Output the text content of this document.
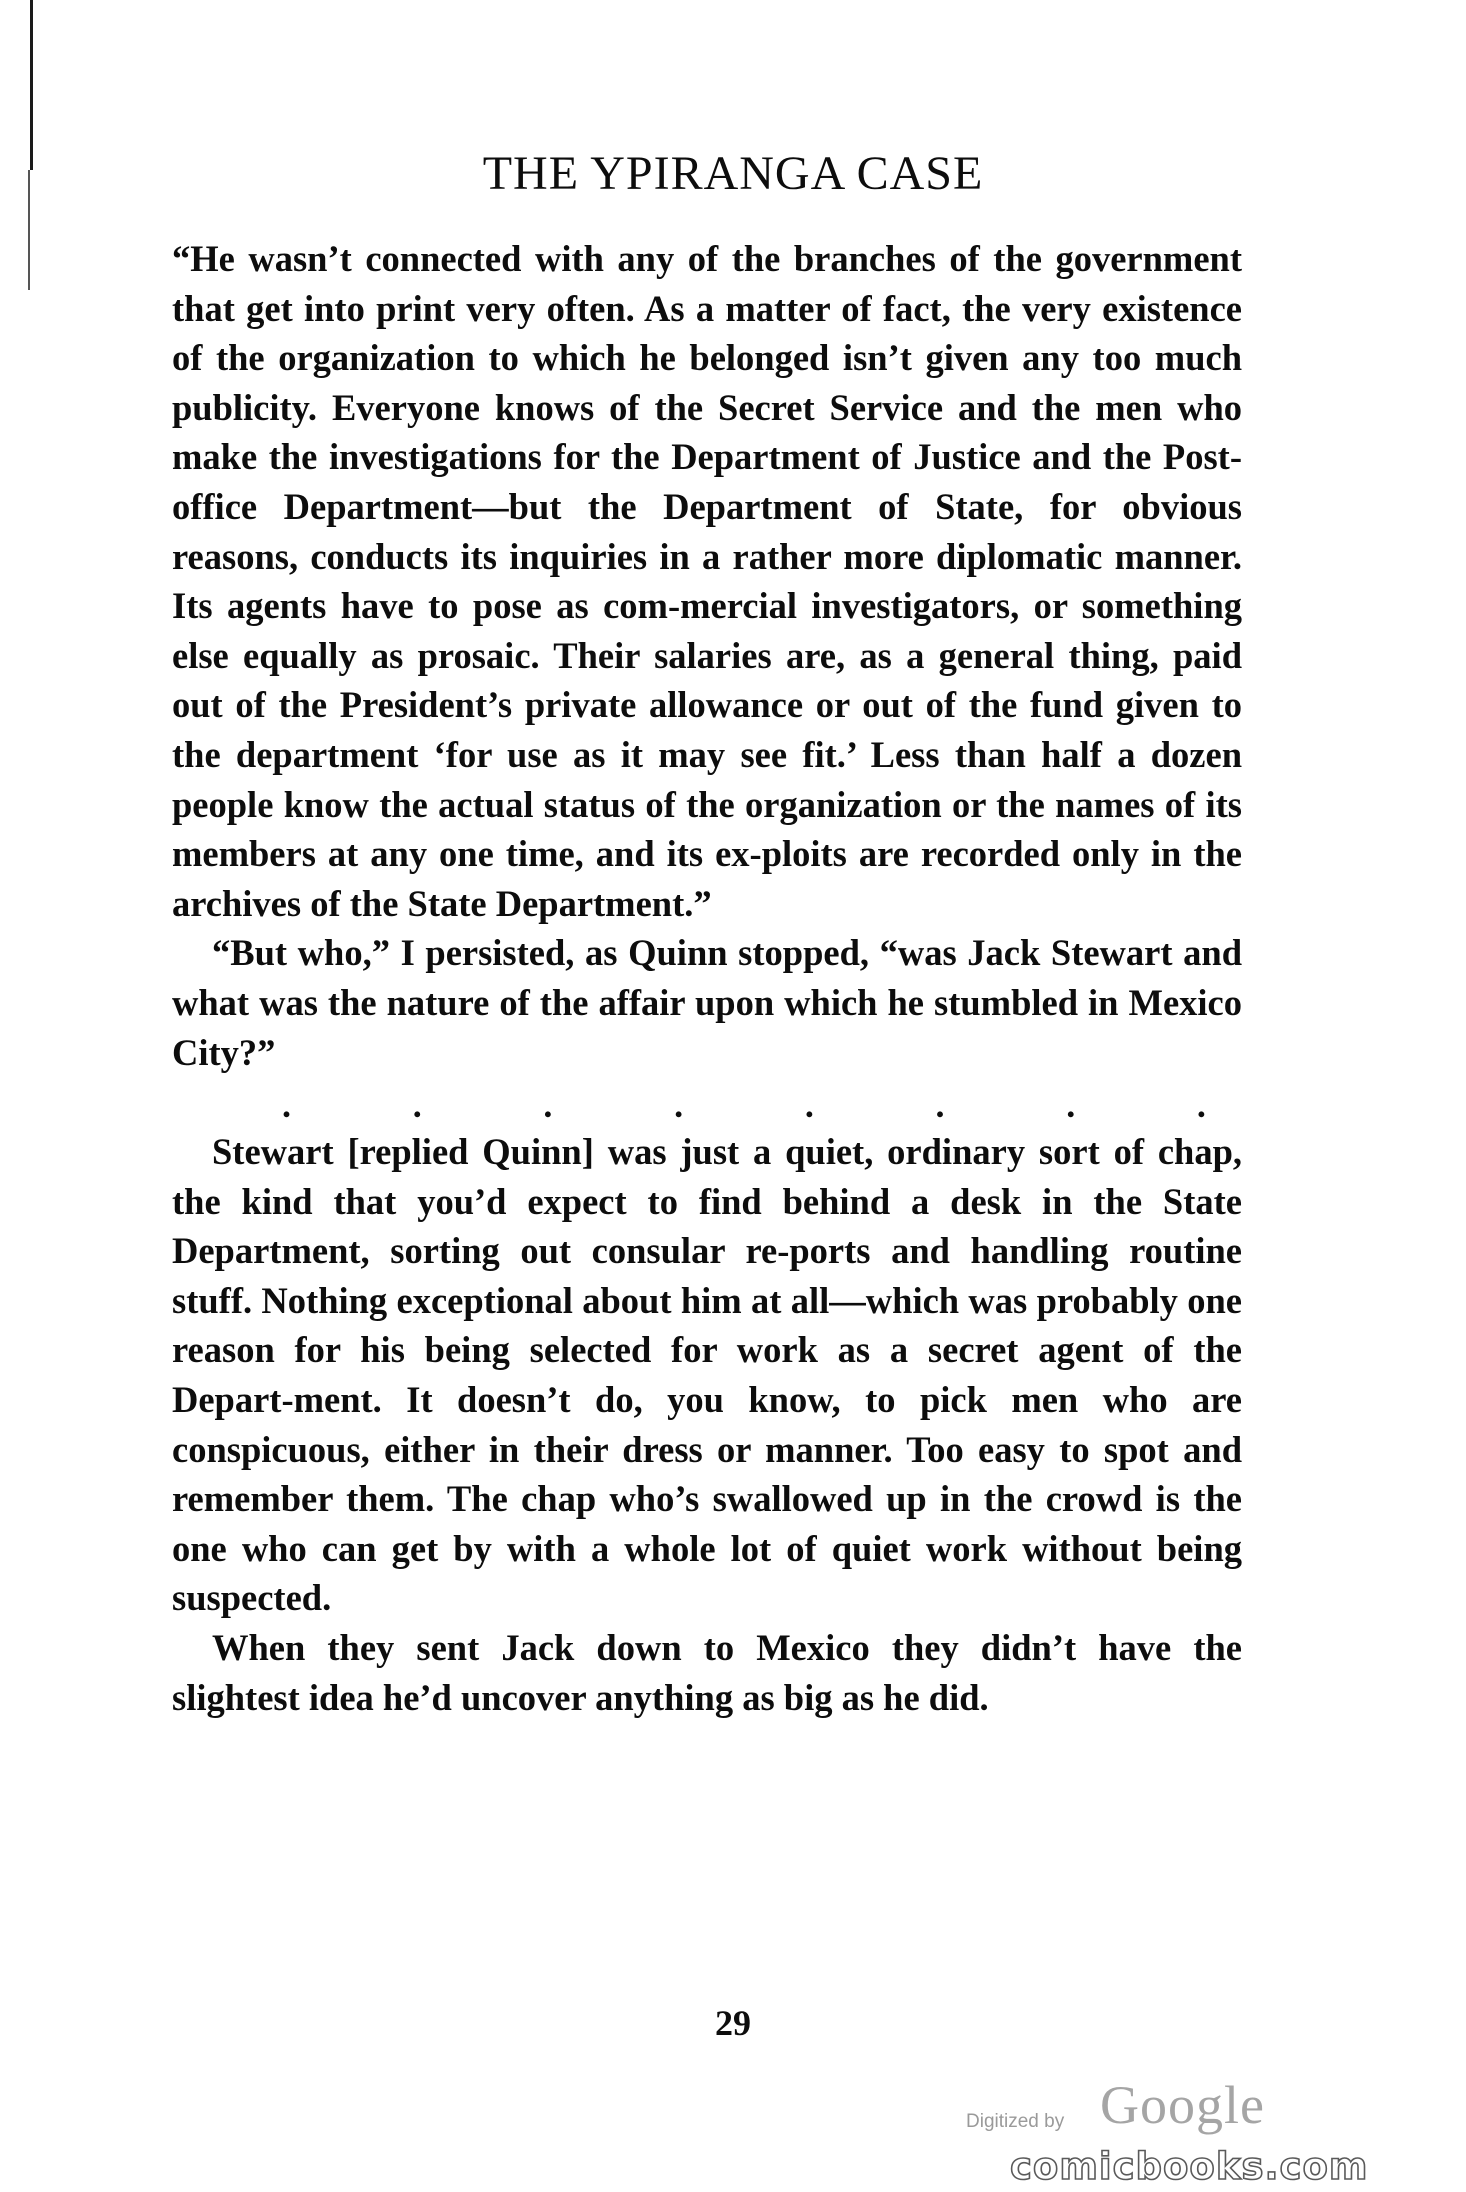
THE YPIRANGA CASE

“He wasn’t connected with any of the branches of the government that get into print very often. As a matter of fact, the very existence of the organization to which he belonged isn’t given any too much publicity. Everyone knows of the Secret Service and the men who make the investigations for the Department of Justice and the Post-office Department—but the Department of State, for obvious reasons, conducts its inquiries in a rather more diplomatic manner. Its agents have to pose as com-mercial investigators, or something else equally as prosaic. Their salaries are, as a general thing, paid out of the President’s private allowance or out of the fund given to the department ‘for use as it may see fit.’ Less than half a dozen people know the actual status of the organization or the names of its members at any one time, and its ex-ploits are recorded only in the archives of the State Department.”

“But who,” I persisted, as Quinn stopped, “was Jack Stewart and what was the nature of the affair upon which he stumbled in Mexico City?”

.	.	.	.	.	.	.	.

Stewart [replied Quinn] was just a quiet, ordinary sort of chap, the kind that you’d expect to find behind a desk in the State Department, sorting out consular re-ports and handling routine stuff. Nothing exceptional about him at all—which was probably one reason for his being selected for work as a secret agent of the Depart-ment. It doesn’t do, you know, to pick men who are conspicuous, either in their dress or manner. Too easy to spot and remember them. The chap who’s swallowed up in the crowd is the one who can get by with a whole lot of quiet work without being suspected.

When they sent Jack down to Mexico they didn’t have the slightest idea he’d uncover anything as big as he did.

29
Digitized by Google
comicbooks.com
